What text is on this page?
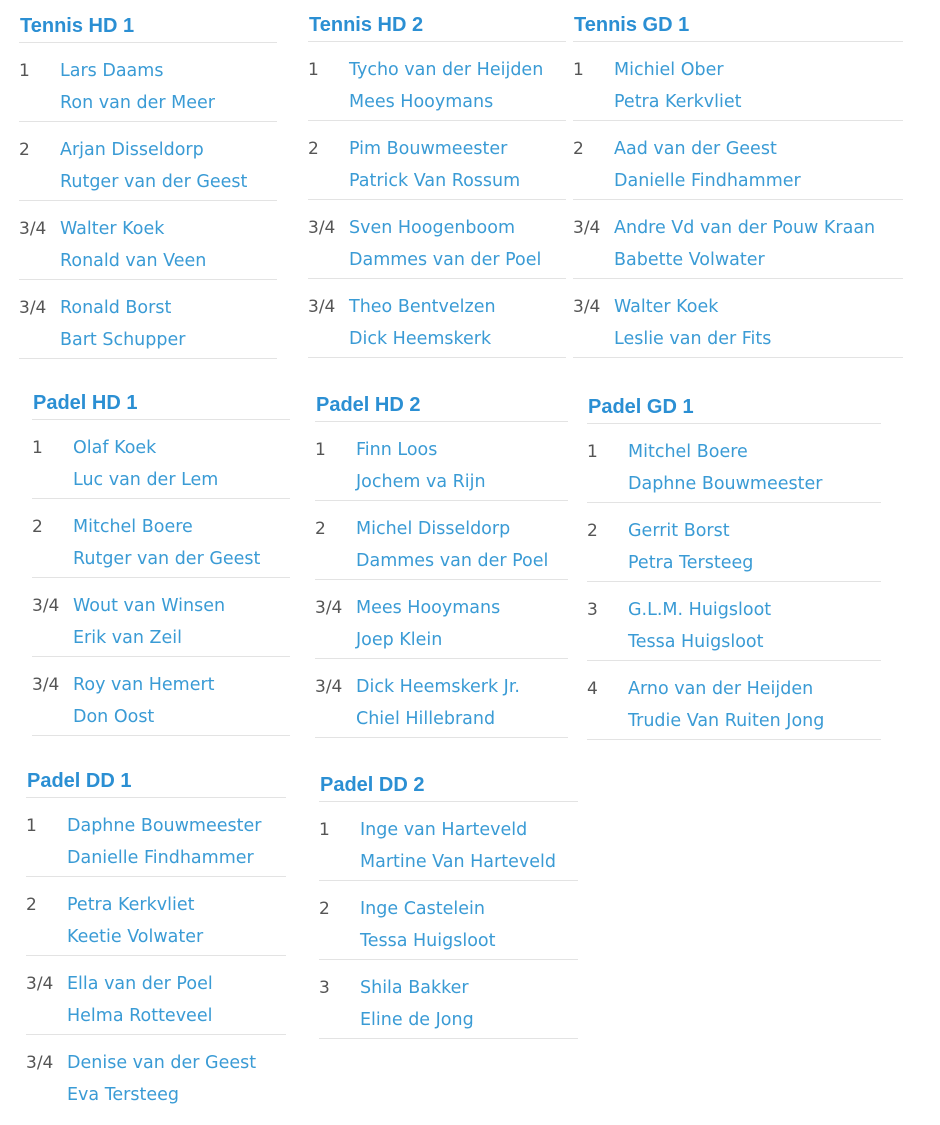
Tennis HD 1
1 Lars Daams
Ron van der Meer
2 Arjan Disseldorp
Rutger van der Geest
3/4 Walter Koek
Ronald van Veen
3/4 Ronald Borst
Bart Schupper
Tennis HD 2
1 Tycho van der Heijden
Mees Hooymans
2 Pim Bouwmeester
Patrick Van Rossum
3/4 Sven Hoogenboom
Dammes van der Poel
3/4 Theo Bentvelzen
Dick Heemskerk
Tennis GD 1
1 Michiel Ober
Petra Kerkvliet
2 Aad van der Geest
Danielle Findhammer
3/4 Andre Vd van der Pouw Kraan
Babette Volwater
3/4 Walter Koek
Leslie van der Fits
Padel HD 1
1 Olaf Koek
Luc van der Lem
2 Mitchel Boere
Rutger van der Geest
3/4 Wout van Winsen
Erik van Zeil
3/4 Roy van Hemert
Don Oost
Padel HD 2
1 Finn Loos
Jochem va Rijn
2 Michel Disseldorp
Dammes van der Poel
3/4 Mees Hooymans
Joep Klein
3/4 Dick Heemskerk Jr.
Chiel Hillebrand
Padel GD 1
1 Mitchel Boere
Daphne Bouwmeester
2 Gerrit Borst
Petra Tersteeg
3 G.L.M. Huigsloot
Tessa Huigsloot
4 Arno van der Heijden
Trudie Van Ruiten Jong
Padel DD 1
1 Daphne Bouwmeester
Danielle Findhammer
2 Petra Kerkvliet
Keetie Volwater
3/4 Ella van der Poel
Helma Rotteveel
3/4 Denise van der Geest
Eva Tersteeg
Padel DD 2
1 Inge van Harteveld
Martine Van Harteveld
2 Inge Castelein
Tessa Huigsloot
3 Shila Bakker
Eline de Jong
